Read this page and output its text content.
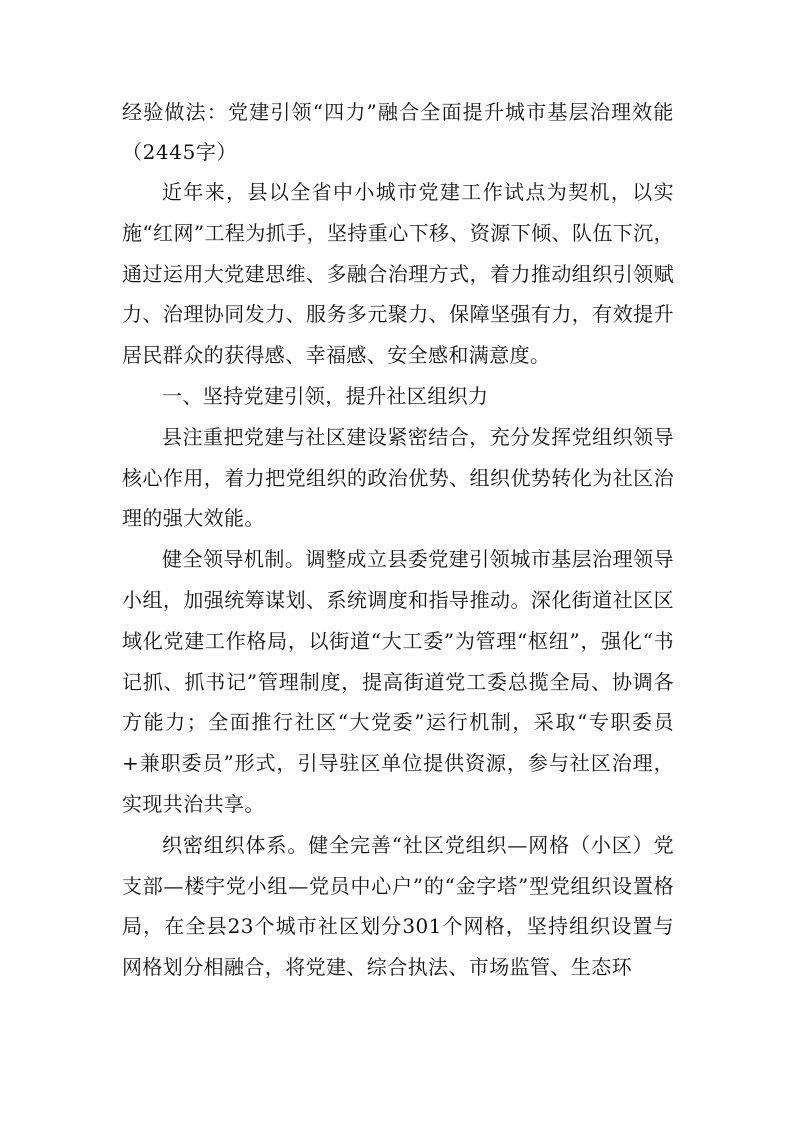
经验做法：党建引领“四力”融合全面提升城市基层治理效能（2445字）

近年来，县以全省中小城市党建工作试点为契机，以实施“红网”工程为抓手，坚持重心下移、资源下倾、队伍下沉，通过运用大党建思维、多融合治理方式，着力推动组织引领赋力、治理协同发力、服务多元聚力、保障坚强有力，有效提升居民群众的获得感、幸福感、安全感和满意度。

一、坚持党建引领，提升社区组织力

县注重把党建与社区建设紧密结合，充分发挥党组织领导核心作用，着力把党组织的政治优势、组织优势转化为社区治理的强大效能。

健全领导机制。调整成立县委党建引领城市基层治理领导小组，加强统筹谋划、系统调度和指导推动。深化街道社区区域化党建工作格局，以街道“大工委”为管理“枢纽”，强化“书记抓、抓书记”管理制度，提高街道党工委总揽全局、协调各方能力；全面推行社区“大党委”运行机制，采取“专职委员+兼职委员”形式，引导驻区单位提供资源，参与社区治理，实现共治共享。

织密组织体系。健全完善“社区党组织—网格（小区）党支部—楼宇党小组—党员中心户”的“金字塔”型党组织设置格局，在全县23个城市社区划分301个网格，坚持组织设置与网格划分相融合，将党建、综合执法、市场监管、生态环
